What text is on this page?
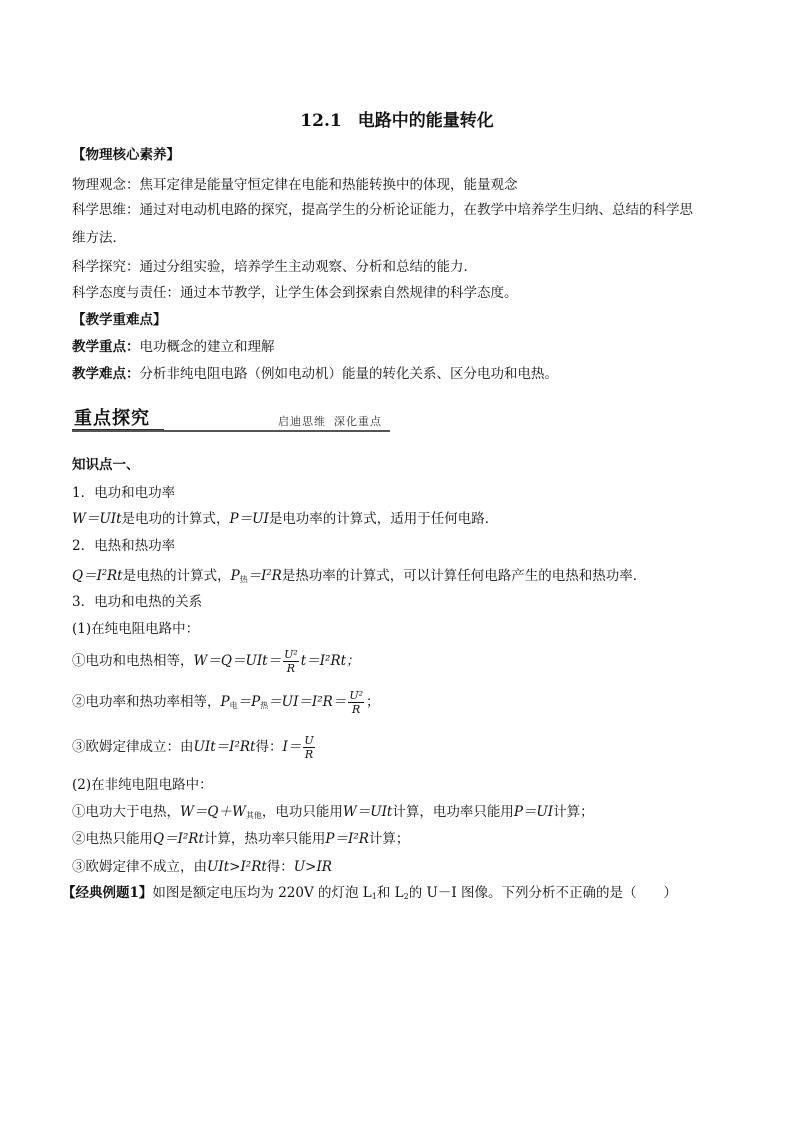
12.1 电路中的能量转化
【物理核心素养】
物理观念：焦耳定律是能量守恒定律在电能和热能转换中的体现，能量观念
科学思维：通过对电动机电路的探究，提高学生的分析论证能力，在教学中培养学生归纳、总结的科学思
维方法．
科学探究：通过分组实验，培养学生主动观察、分析和总结的能力．
科学态度与责任：通过本节教学，让学生体会到探索自然规律的科学态度。
【教学重难点】
教学重点：电功概念的建立和理解
教学难点：分析非纯电阻电路（例如电动机）能量的转化关系、区分电功和电热。
重点探究	启迪思维 深化重点
知识点一、
1．电功和电功率
W＝UIt是电功的计算式，P＝UI是电功率的计算式，适用于任何电路．
2．电热和热功率
$Q=I^2Rt$是电热的计算式，$P_热=I^2R$是热功率的计算式，可以计算任何电路产生的电热和热功率．
3．电功和电热的关系
(1)在纯电阻电路中：
①电功和电热相等，$W=Q=UIt= \frac{\text{U²}}{R} t=I^2Rt$；
②电功率和热功率相等，$P_电=P_热=UI=I^2R= \frac{\text{U²}}{R}$ ；
③欧姆定律成立：由UIt＝I²Rt得：$I= \frac{U}{R}$
(2)在非纯电阻电路中：
①电功大于电热，$W=Q+W_{其他}$，电功只能用W＝UIt计算，电功率只能用P＝UI计算；
②电热只能用Q＝I²Rt计算，热功率只能用P＝I²R计算；
③欧姆定律不成立，由UIt>I²Rt得：U>IR
【经典例题1】如图是额定电压均为 220V 的灯泡 $L_1$和 $L_2$的 U－I 图像。下列分析不正确的是（　　）
